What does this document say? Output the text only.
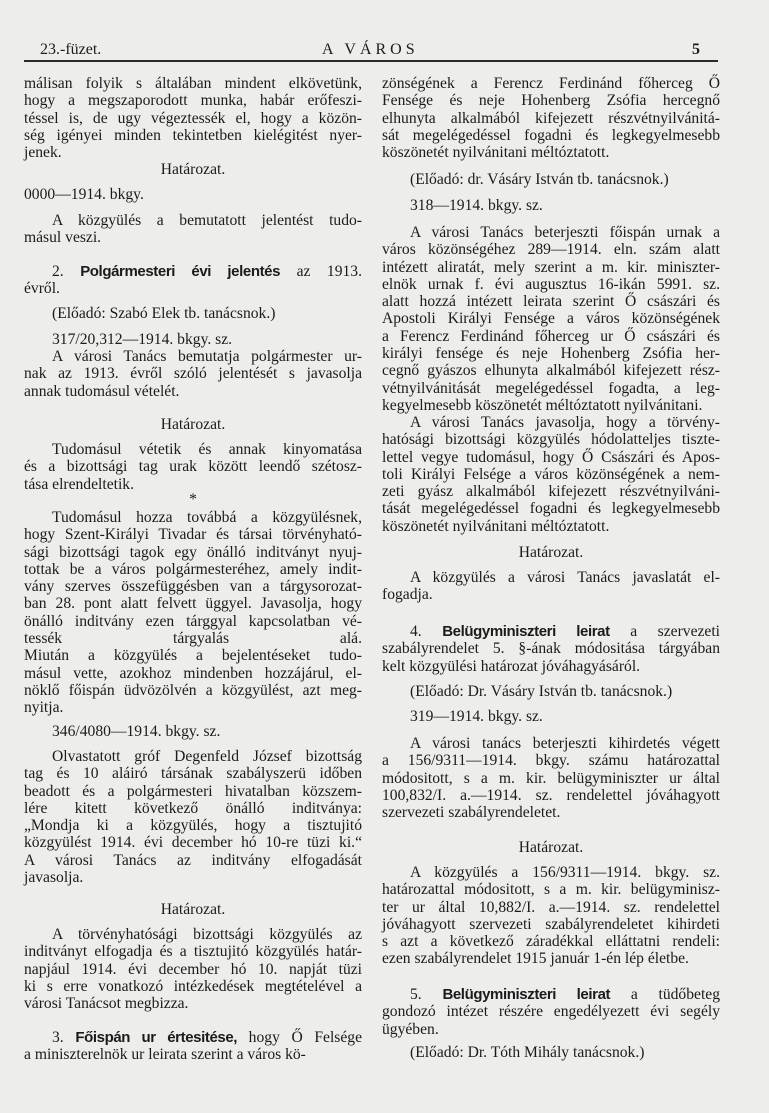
23.-füzet.	A VÁROS	5
málisan folyik s általában mindent elkövetünk,
hogy a megszaporodott munka, habár erőfeszi-
téssel is, de ugy végeztessék el, hogy a közön-
ség igényei minden tekintetben kielégitést nyer-
jenek.
Határozat.
0000—1914. bkgy.
A közgyülés a bemutatott jelentést tudo-
másul veszi.
2. Polgármesteri évi jelentés az 1913.
évről.
(Előadó: Szabó Elek tb. tanácsnok.)
317/20,312—1914. bkgy. sz.
A városi Tanács bemutatja polgármester ur-
nak az 1913. évről szóló jelentését s javasolja
annak tudomásul vételét.
Határozat.
Tudomásul vétetik és annak kinyomatása
és a bizottsági tag urak között leendő szétosz-
tása elrendeltetik.
*
Tudomásul hozza továbbá a közgyülésnek,
hogy Szent-Királyi Tivadar és társai törvényható-
sági bizottsági tagok egy önálló inditványt nyuj-
tottak be a város polgármesteréhez, amely indit-
vány szerves összefüggésben van a tárgysorozat-
ban 28. pont alatt felvett üggyel. Javasolja, hogy
önálló inditvány ezen tárggyal kapcsolatban vé-
tessék tárgyalás alá.
Miután a közgyülés a bejelentéseket tudo-
másul vette, azokhoz mindenben hozzájárul, el-
nöklő főispán üdvözölvén a közgyülést, azt meg-
nyitja.
346/4080—1914. bkgy. sz.
Olvastatott gróf Degenfeld József bizottság
tag és 10 aláiró társának szabályszerü időben
beadott és a polgármesteri hivatalban közszem-
lére kitett következő önálló inditványa:
„Mondja ki a közgyülés, hogy a tisztujitó
közgyülést 1914. évi december hó 10-re tüzi ki.“
A városi Tanács az inditvány elfogadását
javasolja.
Határozat.
A törvényhatósági bizottsági közgyülés az
inditványt elfogadja és a tisztujitó közgyülés határ-
napjául 1914. évi december hó 10. napját tüzi
ki s erre vonatkozó intézkedések megtételével a
városi Tanácsot megbizza.
3. Főispán ur értesitése, hogy Ő Felsége
a miniszterelnök ur leirata szerint a város kö-
zönségének a Ferencz Ferdinánd főherceg Ő
Fensége és neje Hohenberg Zsófia hercegnő
elhunyta alkalmából kifejezett részvétnyilvánitá-
sát megelégedéssel fogadni és legkegyelmesebb
köszönetét nyilvánitani méltóztatott.
(Előadó: dr. Vásáry István tb. tanácsnok.)
318—1914. bkgy. sz.
A városi Tanács beterjeszti főispán urnak a
város közönségéhez 289—1914. eln. szám alatt
intézett aliratát, mely szerint a m. kir. miniszter-
elnök urnak f. évi augusztus 16-ikán 5991. sz.
alatt hozzá intézett leirata szerint Ő császári és
Apostoli Királyi Fensége a város közönségének
a Ferencz Ferdinánd főherceg ur Ő császári és
királyi fensége és neje Hohenberg Zsófia her-
cegnő gyászos elhunyta alkalmából kifejezett rész-
vétnyilvánitását megelégedéssel fogadta, a leg-
kegyelmesebb köszönetét méltóztatott nyilvánitani.
A városi Tanács javasolja, hogy a törvény-
hatósági bizottsági közgyülés hódolatteljes tiszte-
lettel vegye tudomásul, hogy Ő Császári és Apos-
toli Királyi Felsége a város közönségének a nem-
zeti gyász alkalmából kifejezett részvétnyilváni-
tását megelégedéssel fogadni és legkegyelmesebb
köszönetét nyilvánitani méltóztatott.
Határozat.
A közgyülés a városi Tanács javaslatát el-
fogadja.
4. Belügyminiszteri leirat a szervezeti
szabályrendelet 5. §-ának módositása tárgyában
kelt közgyülési határozat jóváhagyásáról.
(Előadó: Dr. Vásáry István tb. tanácsnok.)
319—1914. bkgy. sz.
A városi tanács beterjeszti kihirdetés végett
a 156/9311—1914. bkgy. számu határozattal
módositott, s a m. kir. belügyminiszter ur által
100,832/I. a.—1914. sz. rendelettel jóváhagyott
szervezeti szabályrendeletet.
Határozat.
A közgyülés a 156/9311—1914. bkgy. sz.
határozattal módositott, s a m. kir. belügyminisz-
ter ur által 10,882/I. a.—1914. sz. rendelettel
jóváhagyott szervezeti szabályrendeletet kihirdeti
s azt a következő záradékkal elláttatni rendeli:
ezen szabályrendelet 1915 január 1-én lép életbe.
5. Belügyminiszteri leirat a tüdőbeteg
gondozó intézet részére engedélyezett évi segély
ügyében.
(Előadó: Dr. Tóth Mihály tanácsnok.)
